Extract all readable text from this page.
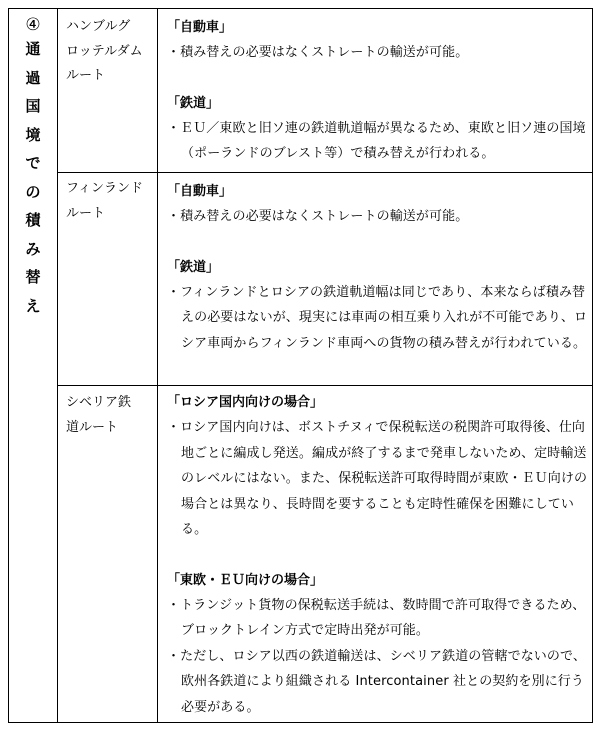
④
通
過
国
境
で
の
積
み
替
え
ハンブルグ
ロッテルダム
ルート
「自動車」
・積み替えの必要はなくストレートの輸送が可能。
「鉄道」
・ＥＵ／東欧と旧ソ連の鉄道軌道幅が異なるため、東欧と旧ソ連の国境（ポーランドのブレスト等）で積み替えが行われる。
フィンランド
ルート
「自動車」
・積み替えの必要はなくストレートの輸送が可能。
「鉄道」
・フィンランドとロシアの鉄道軌道幅は同じであり、本来ならば積み替えの必要はないが、現実には車両の相互乗り入れが不可能であり、ロシア車両からフィンランド車両への貨物の積み替えが行われている。
シベリア鉄
道ルート
「ロシア国内向けの場合」
・ロシア国内向けは、ボストチヌィで保税転送の税関許可取得後、仕向地ごとに編成し発送。編成が終了するまで発車しないため、定時輸送のレベルにはない。また、保税転送許可取得時間が東欧・ＥＵ向けの場合とは異なり、長時間を要することも定時性確保を困難にしている。
「東欧・ＥＵ向けの場合」
・トランジット貨物の保税転送手続は、数時間で許可取得できるため、ブロックトレイン方式で定時出発が可能。
・ただし、ロシア以西の鉄道輸送は、シベリア鉄道の管轄でないので、欧州各鉄道により組織される Intercontainer 社との契約を別に行う必要がある。
